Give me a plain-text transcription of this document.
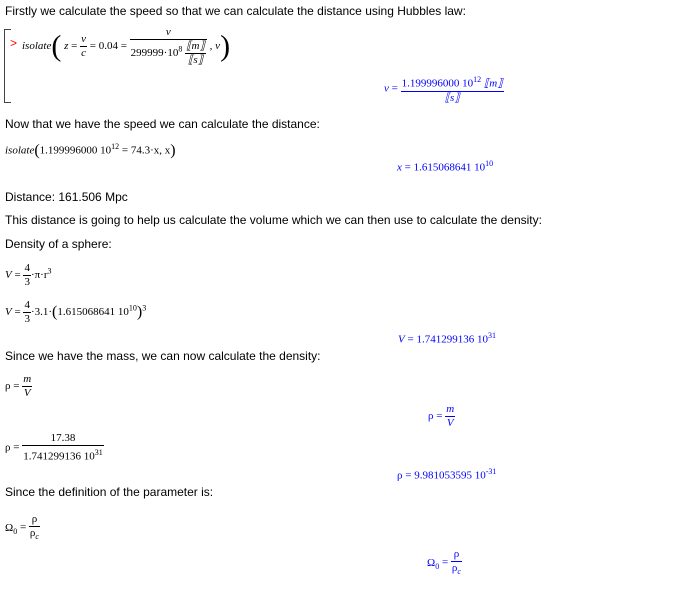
Firstly we calculate the speed so that we can calculate the distance using Hubbles law:
> isolate( $z = \frac{v}{c} = 0.04 = \frac{v}{299999\cdot 10^8 \frac{⟦m⟧}{⟦s⟧}}$ , v)
$v = \frac{1.199996000 10^{12} ⟦m⟧}{⟦s⟧}$
Now that we have the speed we can calculate the distance:
isolate(1.199996000 $10^{12} = 74.3\cdot x$, x)
x = 1.615068641 $10^{10}$
Distance: 161.506 Mpc
This distance is going to help us calculate the volume which we can then use to calculate the density:
Density of a sphere:
$V = \frac{4}{3} \cdot\pi\cdot r^3$
$V = \frac{4}{3} \cdot 3.1\cdot(1.615068641$ $10^{10})^3$
V = 1.741299136 $10^{31}$
Since we have the mass, we can now calculate the density:
$\rho = \frac{m}{V}$
$\rho = \frac{m}{V}$
$\rho = \frac{17.38}{1.741299136 10^{31}}$
ρ = 9.981053595 $10^{-31}$
Since the definition of the parameter is:
$\Omega_0 = \frac{\rho}{\rho_c}$
$\Omega_0 = \frac{\rho}{\rho_c}$
